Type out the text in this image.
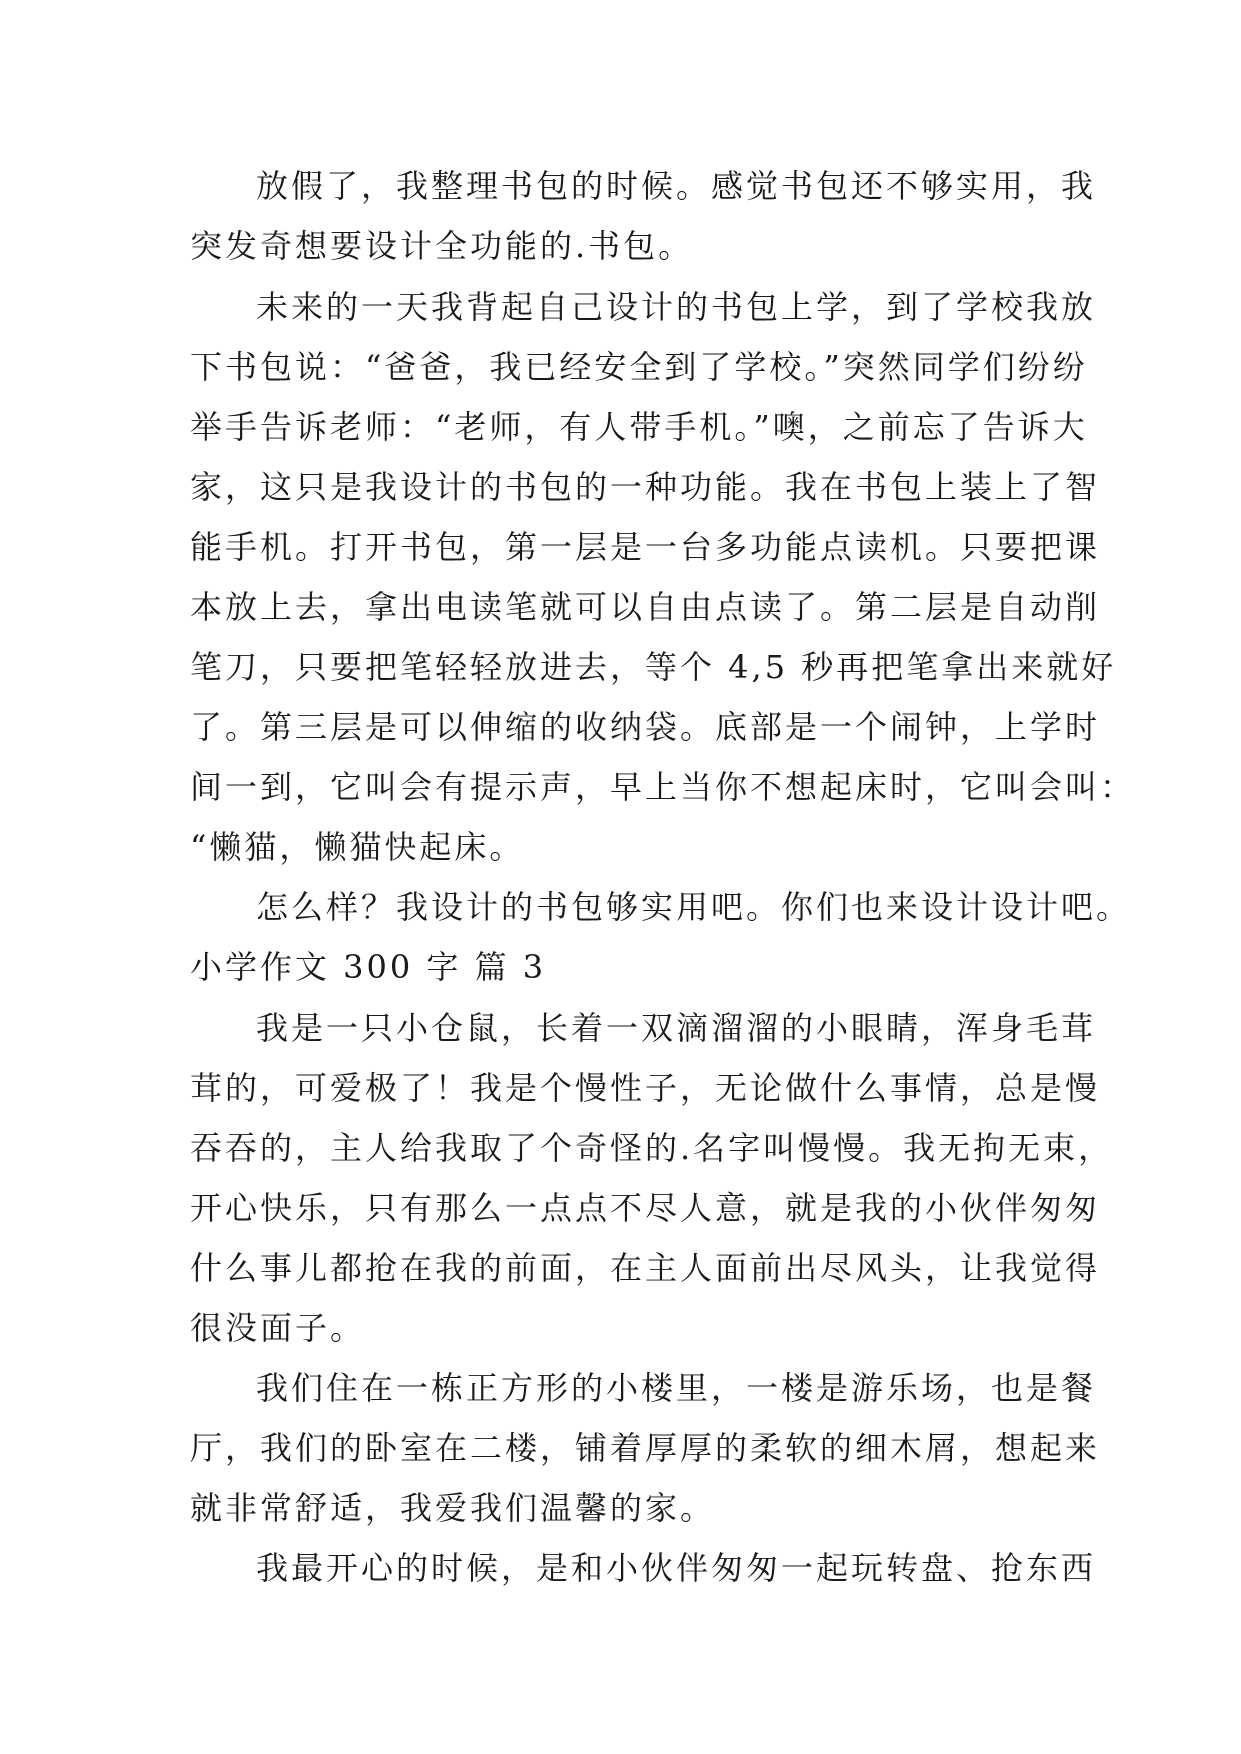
放假了，我整理书包的时候。感觉书包还不够实用，我
突发奇想要设计全功能的.书包。
未来的一天我背起自己设计的书包上学，到了学校我放
下书包说：“爸爸，我已经安全到了学校。”突然同学们纷纷
举手告诉老师：“老师，有人带手机。”噢，之前忘了告诉大
家，这只是我设计的书包的一种功能。我在书包上装上了智
能手机。打开书包，第一层是一台多功能点读机。只要把课
本放上去，拿出电读笔就可以自由点读了。第二层是自动削
笔刀，只要把笔轻轻放进去，等个 4,5 秒再把笔拿出来就好
了。第三层是可以伸缩的收纳袋。底部是一个闹钟，上学时
间一到，它叫会有提示声，早上当你不想起床时，它叫会叫：
“懒猫，懒猫快起床。
怎么样？我设计的书包够实用吧。你们也来设计设计吧。
小学作文 300 字 篇 3
我是一只小仓鼠，长着一双滴溜溜的小眼睛，浑身毛茸
茸的，可爱极了！我是个慢性子，无论做什么事情，总是慢
吞吞的，主人给我取了个奇怪的.名字叫慢慢。我无拘无束，
开心快乐，只有那么一点点不尽人意，就是我的小伙伴匆匆
什么事儿都抢在我的前面，在主人面前出尽风头，让我觉得
很没面子。
我们住在一栋正方形的小楼里，一楼是游乐场，也是餐
厅，我们的卧室在二楼，铺着厚厚的柔软的细木屑，想起来
就非常舒适，我爱我们温馨的家。
我最开心的时候，是和小伙伴匆匆一起玩转盘、抢东西
